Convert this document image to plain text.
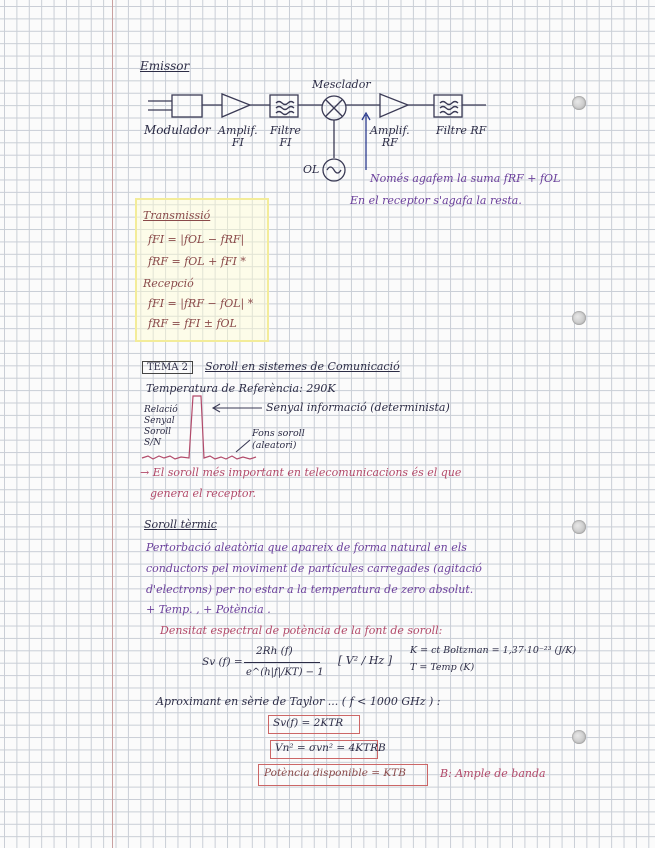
Emissor
Mesclador
Modulador Amplif.
FI
Filtre
FI
OL
Amplif.
RF
Filtre RF
Només agafem la suma fRF + fOL
En el receptor s'agafa la resta.
Transmissió
fFI = |fOL − fRF|
fRF = fOL + fFI *
Recepció
fFI = |fRF − fOL| *
fRF = fFI ± fOL
TEMA 2	Soroll en sistemes de Comunicació
Temperatura de Referència: 290K
Relació
Senyal
Soroll
S/N
Senyal informació (determinista)
Fons soroll
(aleatori)
→ El soroll més important en telecomunicacions és el que
genera el receptor.
Soroll tèrmic
Pertorbació aleatòria que apareix de forma natural en els
conductors pel moviment de partícules carregades (agitació
d'electrons) per no estar a la temperatura de zero absolut.
+ Temp. , + Potència .
Densitat espectral de potència de la font de soroll:
Sv (f) =
2Rh (f)
e^(h|f|/KT) − 1
[ V² / Hz ]
K = ct Boltzman = 1,37·10⁻²³ (J/K)
T = Temp (K)
Aproximant en sèrie de Taylor ... ( f < 1000 GHz ) :
Sv(f) = 2KTR
Vn² = σvn² = 4KTRB
Potència disponible = KTB	B: Ample de banda
